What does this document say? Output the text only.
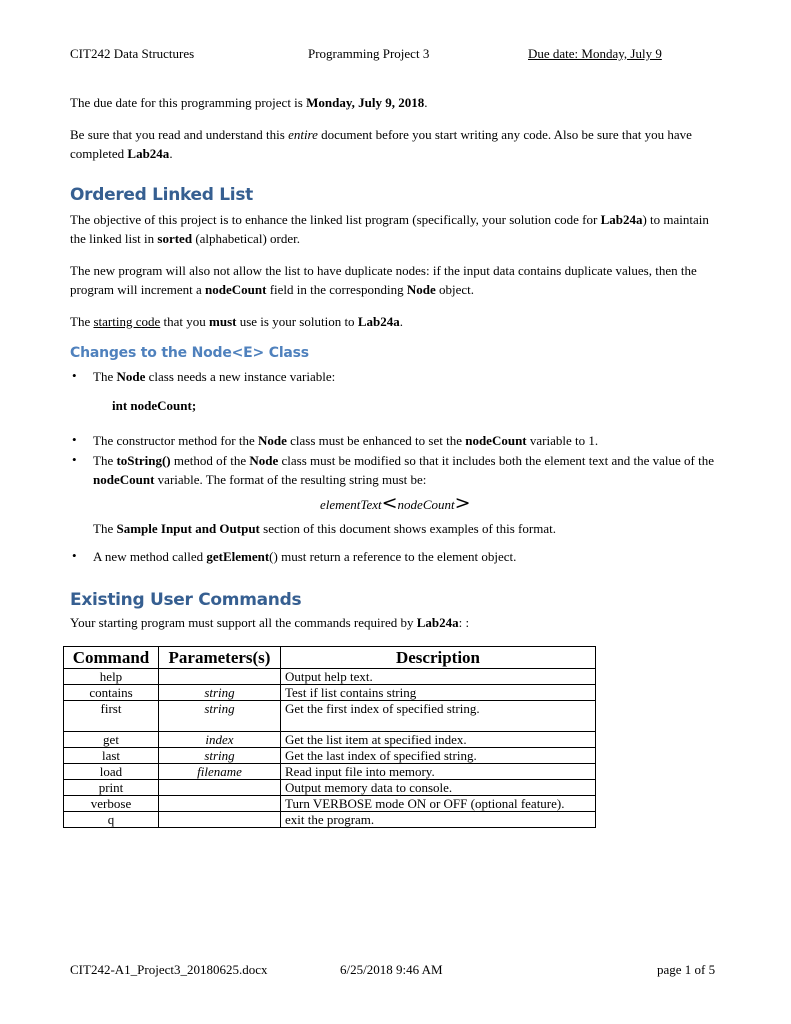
CIT242 Data Structures	Programming Project 3	Due date: Monday, July 9

The due date for this programming project is Monday, July 9, 2018.

Be sure that you read and understand this entire document before you start writing any code. Also be sure that you have completed Lab24a.

Ordered Linked List

The objective of this project is to enhance the linked list program (specifically, your solution code for Lab24a) to maintain the linked list in sorted (alphabetical) order.

The new program will also not allow the list to have duplicate nodes: if the input data contains duplicate values, then the program will increment a nodeCount field in the corresponding Node object.

The starting code that you must use is your solution to Lab24a.

Changes to the Node<E> Class
• The Node class needs a new instance variable:

int nodeCount;
• The constructor method for the Node class must be enhanced to set the nodeCount variable to 1.

• The toString() method of the Node class must be modified so that it includes both the element text and the value of the nodeCount variable. The format of the resulting string must be:

elementText<nodeCount>

The Sample Input and Output section of this document shows examples of this format.

• A new method called getElement() must return a reference to the element object.

Existing User Commands

Your starting program must support all the commands required by Lab24a: :

Command	Parameters(s)	Description
help		Output help text.
contains	string	Test if list contains string
first	string	Get the first index of specified string.
get	index	Get the list item at specified index.
last	string	Get the last index of specified string.
load	filename	Read input file into memory.
print		Output memory data to console.
verbose		Turn VERBOSE mode ON or OFF (optional feature).
q		exit the program.
CIT242-A1_Project3_20180625.docx	6/25/2018 9:46 AM	page 1 of 5
